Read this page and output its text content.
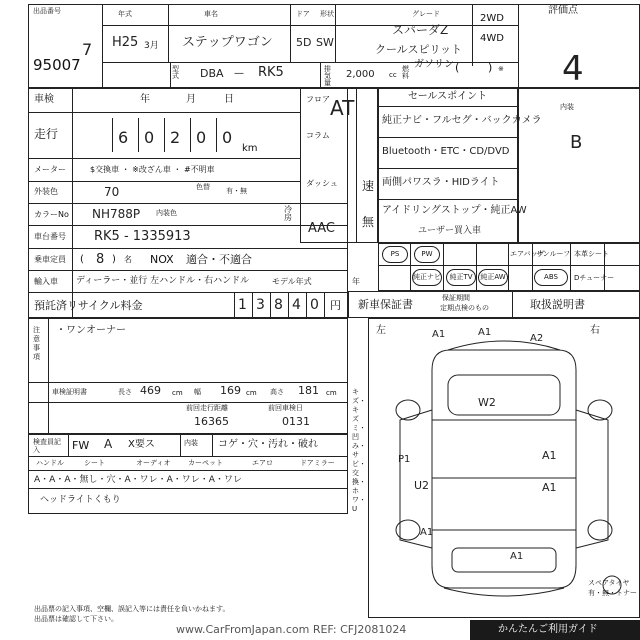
出品番号
7
95007
年式	車名	ドア 形状	グレード
H25 3月 ステップワゴン 5D SW
スパーダZ
クールスピリット
2WD
4WD
評価点
4
型式 DBA — RK5	排気量
2,000 cc
燃料
ガソリン (	) ※
車検	年	月	日
走行	6 0 2 0 0
km
メーター	$交換車 ・ ※改ざん車 ・ #不明車
外装色	70	色替 有・無
カラーNo NH788P 内装色
車台番号 RK5 - 1335913
乗車定員 ( 8 ) 名 NOX 適合・不適合
輸入車 ディーラー・並行 左ハンドル・右ハンドル	モデル年式	年
預託済リサイクル料金	1 3 8 4 0 円
フロア AT
コラム
ダッシュ 速
冷房
AAC
セールスポイント
純正ナビ・フルセグ・バックカメラ
Bluetooth・ETC・CD/DVD
両側パワスラ・HIDライト
アイドリングストップ・純正AW
無
ユーザー買入車
内装
B
PS	PW	サンルーフ 本革シート
エアバッグ
純正ナビ	純正TV	純正AW	ABS	Dチューナー
新車保証書	保証期間
定期点検のもの	取扱説明書
注意事項
・ワンオーナー
車検証明書	長さ 469 cm 幅 169 cm 高さ 181 cm
前回走行距離
16365
前回車検日
0131
検査員記入	FW A X要ス	内装 コゲ・穴・汚れ・破れ
ハンドル	シート	オーディオ	カーペット	エアロ	ドアミラー
A・A・A・無し・穴・A・ワレ・A・ワレ・A・ワレ
ヘッドライトくもり
キズ・キズミ・凹み・サビ・交換・ホワ・U
左	右
A1	A1
A2
W2
P1
U2
A1
A1
A1
A1
スペアタイヤ
有・無・トナー
出品票の記入事項、空欄、誤記入等には責任を負いかねます。
出品票は確認して下さい。
www.CarFromJapan.com REF: CFJ2081024	かんたんご利用ガイド
